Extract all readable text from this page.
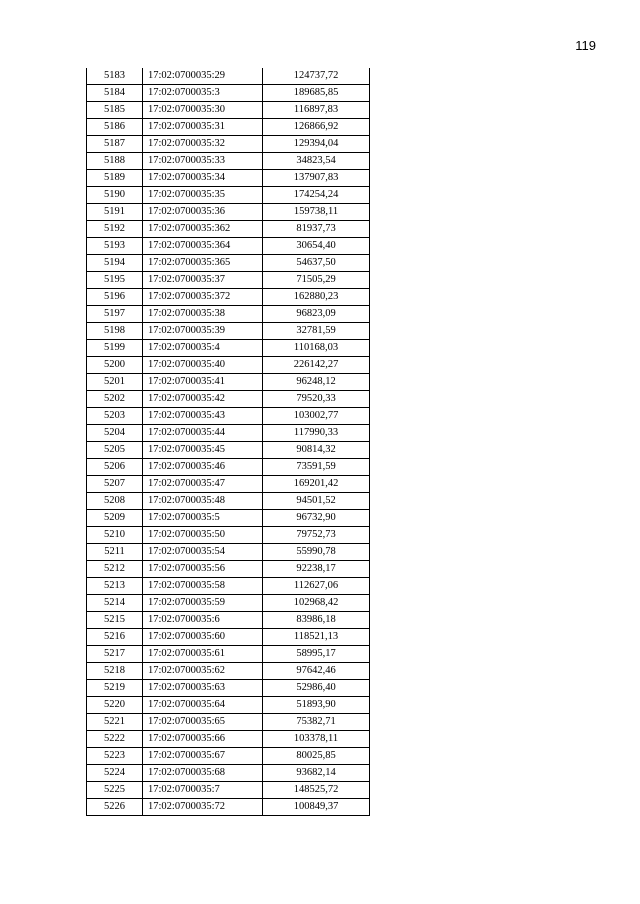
119
5183	17:02:0700035:29	124737,72
5184	17:02:0700035:3	189685,85
5185	17:02:0700035:30	116897,83
5186	17:02:0700035:31	126866,92
5187	17:02:0700035:32	129394,04
5188	17:02:0700035:33	34823,54
5189	17:02:0700035:34	137907,83
5190	17:02:0700035:35	174254,24
5191	17:02:0700035:36	159738,11
5192	17:02:0700035:362	81937,73
5193	17:02:0700035:364	30654,40
5194	17:02:0700035:365	54637,50
5195	17:02:0700035:37	71505,29
5196	17:02:0700035:372	162880,23
5197	17:02:0700035:38	96823,09
5198	17:02:0700035:39	32781,59
5199	17:02:0700035:4	110168,03
5200	17:02:0700035:40	226142,27
5201	17:02:0700035:41	96248,12
5202	17:02:0700035:42	79520,33
5203	17:02:0700035:43	103002,77
5204	17:02:0700035:44	117990,33
5205	17:02:0700035:45	90814,32
5206	17:02:0700035:46	73591,59
5207	17:02:0700035:47	169201,42
5208	17:02:0700035:48	94501,52
5209	17:02:0700035:5	96732,90
5210	17:02:0700035:50	79752,73
5211	17:02:0700035:54	55990,78
5212	17:02:0700035:56	92238,17
5213	17:02:0700035:58	112627,06
5214	17:02:0700035:59	102968,42
5215	17:02:0700035:6	83986,18
5216	17:02:0700035:60	118521,13
5217	17:02:0700035:61	58995,17
5218	17:02:0700035:62	97642,46
5219	17:02:0700035:63	52986,40
5220	17:02:0700035:64	51893,90
5221	17:02:0700035:65	75382,71
5222	17:02:0700035:66	103378,11
5223	17:02:0700035:67	80025,85
5224	17:02:0700035:68	93682,14
5225	17:02:0700035:7	148525,72
5226	17:02:0700035:72	100849,37
